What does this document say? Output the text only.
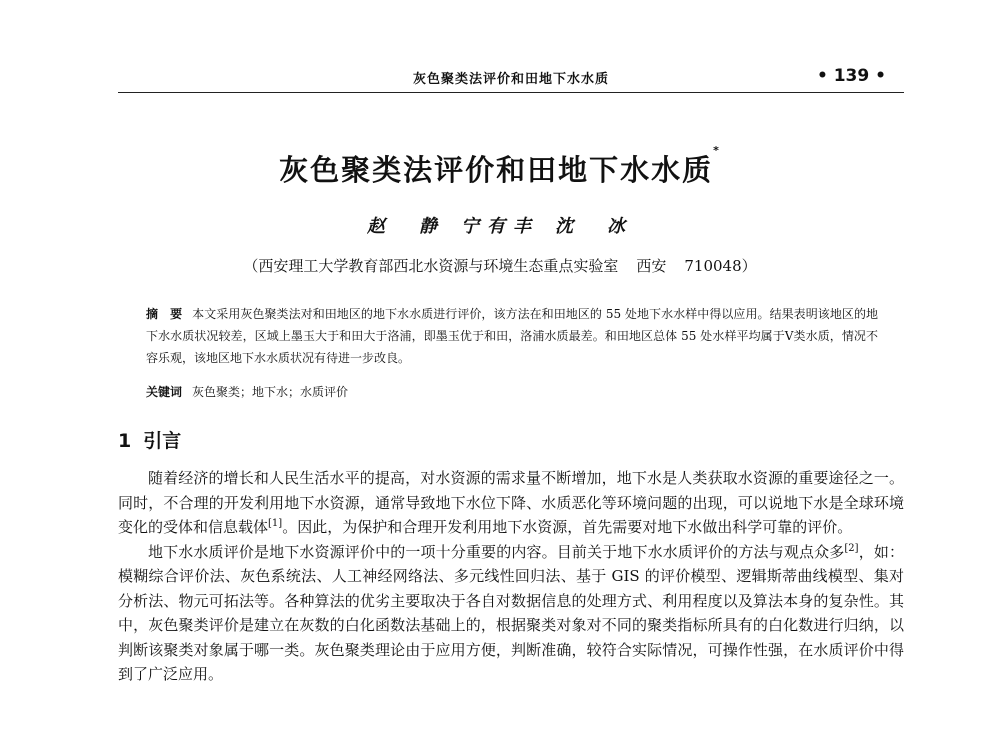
灰色聚类法评价和田地下水水质	• 139 •
灰色聚类法评价和田地下水水质*
赵　静 宁有丰 沈　冰
（西安理工大学教育部西北水资源与环境生态重点实验室 西安 710048）
摘　要 本文采用灰色聚类法对和田地区的地下水水质进行评价，该方法在和田地区的 55 处地下水水样中得以应用。结果表明该地区的地下水水质状况较差，区域上墨玉大于和田大于洛浦，即墨玉优于和田，洛浦水质最差。和田地区总体 55 处水样平均属于Ⅴ类水质，情况不容乐观，该地区地下水水质状况有待进一步改良。
关键词 灰色聚类；地下水；水质评价
1 引言

随着经济的增长和人民生活水平的提高，对水资源的需求量不断增加，地下水是人类获取水资源的重要途径之一。同时，不合理的开发利用地下水资源，通常导致地下水位下降、水质恶化等环境问题的出现，可以说地下水是全球环境变化的受体和信息载体[1]。因此，为保护和合理开发利用地下水资源，首先需要对地下水做出科学可靠的评价。

地下水水质评价是地下水资源评价中的一项十分重要的内容。目前关于地下水水质评价的方法与观点众多[2]，如：模糊综合评价法、灰色系统法、人工神经网络法、多元线性回归法、基于 GIS 的评价模型、逻辑斯蒂曲线模型、集对分析法、物元可拓法等。各种算法的优劣主要取决于各自对数据信息的处理方式、利用程度以及算法本身的复杂性。其中，灰色聚类评价是建立在灰数的白化函数法基础上的，根据聚类对象对不同的聚类指标所具有的白化数进行归纳，以判断该聚类对象属于哪一类。灰色聚类理论由于应用方便，判断准确，较符合实际情况，可操作性强，在水质评价中得到了广泛应用。
